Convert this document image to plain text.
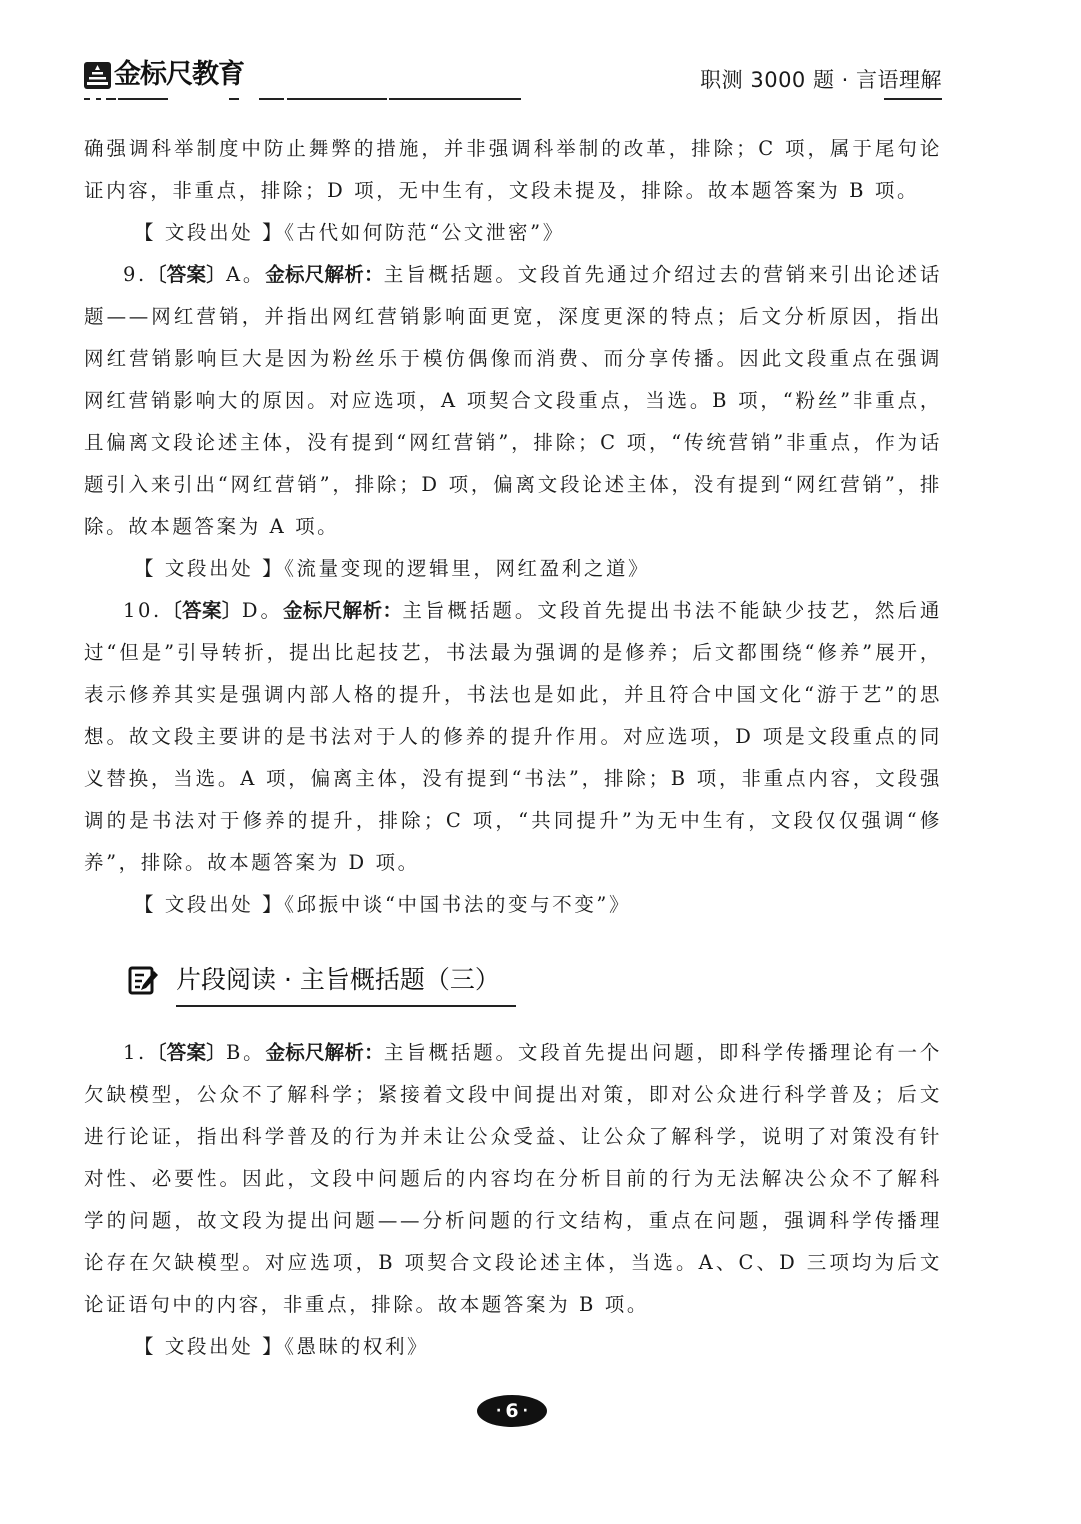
金标尺教育	职测 3000 题 · 言语理解

确强调科举制度中防止舞弊的措施，并非强调科举制的改革，排除；C 项，属于尾句论证内容，非重点，排除；D 项，无中生有，文段未提及，排除。故本题答案为 B 项。

【 文段出处 】《古代如何防范“公文泄密”》

9.〔答案〕A。金标尺解析：主旨概括题。文段首先通过介绍过去的营销来引出论述话题——网红营销，并指出网红营销影响面更宽，深度更深的特点；后文分析原因，指出网红营销影响巨大是因为粉丝乐于模仿偶像而消费、而分享传播。因此文段重点在强调网红营销影响大的原因。对应选项，A 项契合文段重点，当选。B 项，“粉丝”非重点，且偏离文段论述主体，没有提到“网红营销”，排除；C 项，“传统营销”非重点，作为话题引入来引出“网红营销”，排除；D 项，偏离文段论述主体，没有提到“网红营销”，排除。故本题答案为 A 项。

【 文段出处 】《流量变现的逻辑里，网红盈利之道》

10.〔答案〕D。金标尺解析：主旨概括题。文段首先提出书法不能缺少技艺，然后通过“但是”引导转折，提出比起技艺，书法最为强调的是修养；后文都围绕“修养”展开，表示修养其实是强调内部人格的提升，书法也是如此，并且符合中国文化“游于艺”的思想。故文段主要讲的是书法对于人的修养的提升作用。对应选项，D 项是文段重点的同义替换，当选。A 项，偏离主体，没有提到“书法”，排除；B 项，非重点内容，文段强调的是书法对于修养的提升，排除；C 项，“共同提升”为无中生有，文段仅仅强调“修养”，排除。故本题答案为 D 项。

【 文段出处 】《邱振中谈“中国书法的变与不变”》

片段阅读 · 主旨概括题（三）

1.〔答案〕B。金标尺解析：主旨概括题。文段首先提出问题，即科学传播理论有一个欠缺模型，公众不了解科学；紧接着文段中间提出对策，即对公众进行科学普及；后文进行论证，指出科学普及的行为并未让公众受益、让公众了解科学，说明了对策没有针对性、必要性。因此，文段中问题后的内容均在分析目前的行为无法解决公众不了解科学的问题，故文段为提出问题——分析问题的行文结构，重点在问题，强调科学传播理论存在欠缺模型。对应选项，B 项契合文段论述主体，当选。A、C、D 三项均为后文论证语句中的内容，非重点，排除。故本题答案为 B 项。

【 文段出处 】《愚昧的权利》

· 6 ·
